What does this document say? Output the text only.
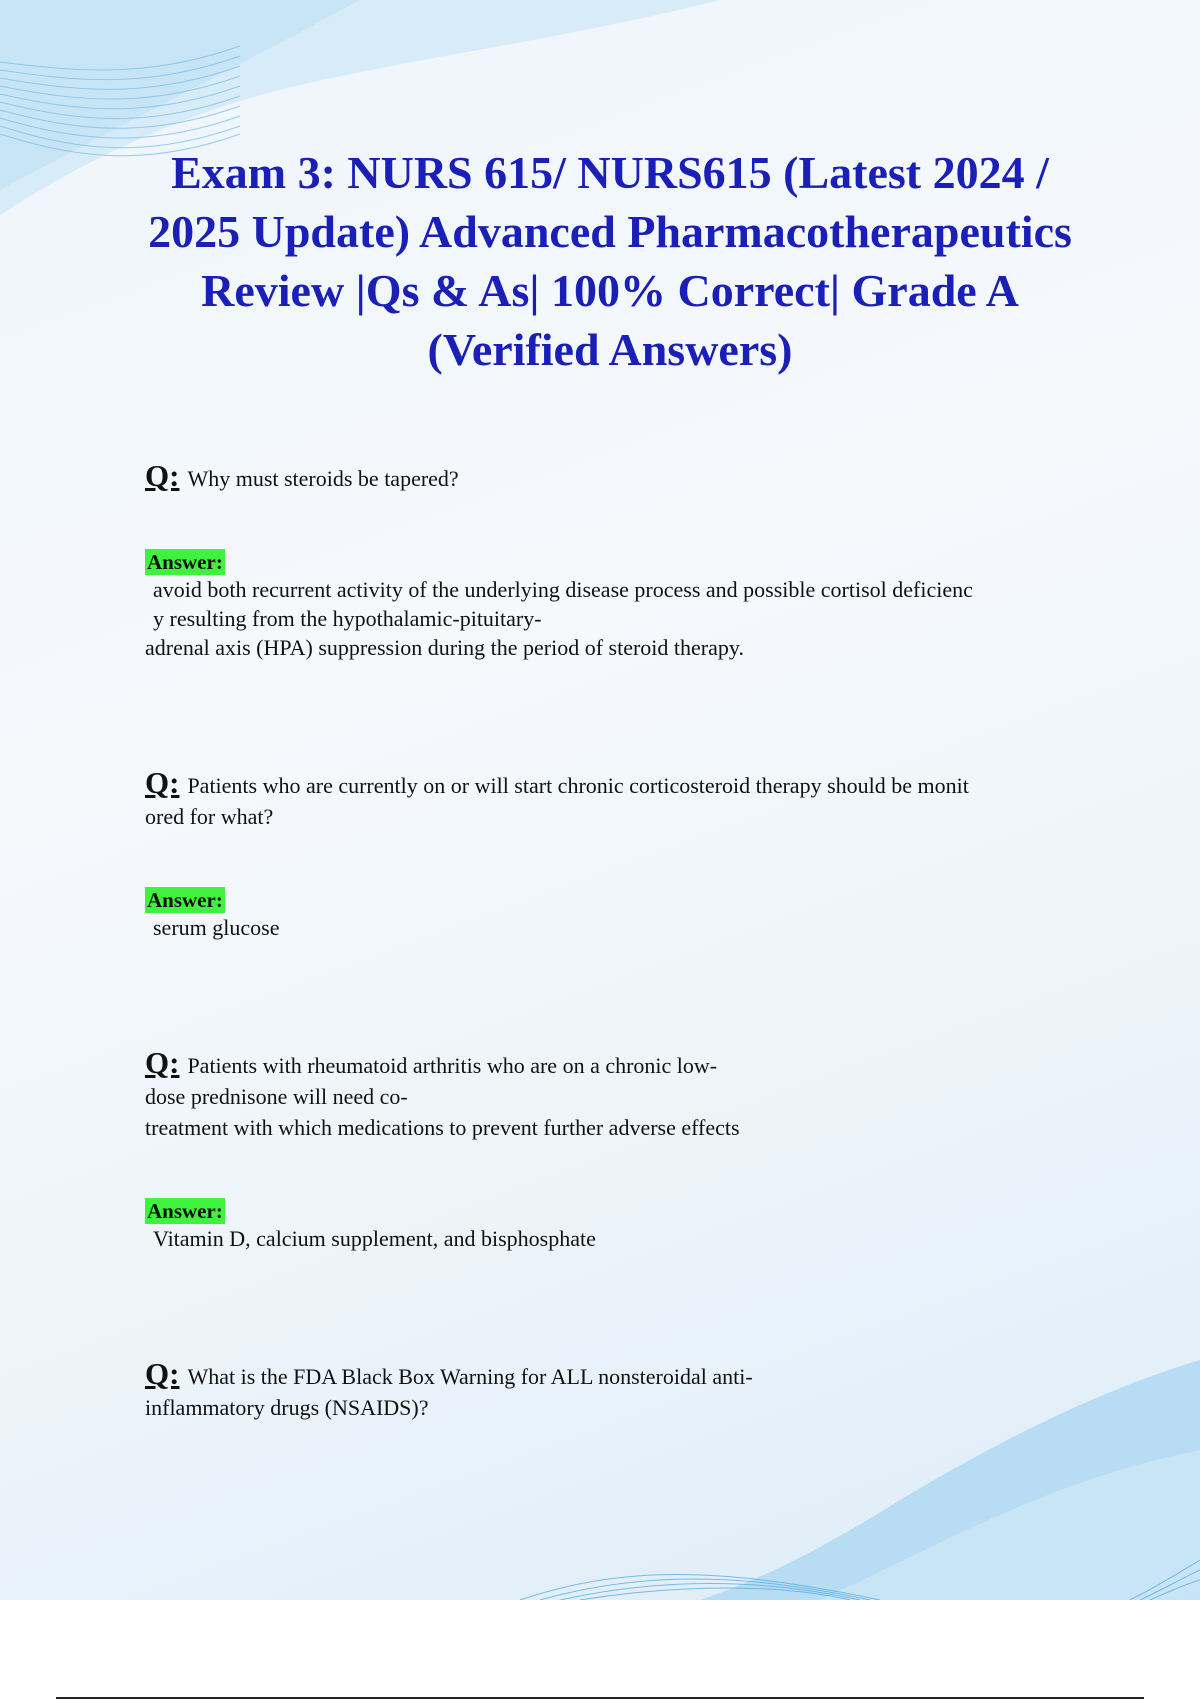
Exam 3: NURS 615/ NURS615 (Latest 2024 / 2025 Update) Advanced Pharmacotherapeutics Review |Qs & As| 100% Correct| Grade A (Verified Answers)
Q: Why must steroids be tapered?
Answer:
avoid both recurrent activity of the underlying disease process and possible cortisol deficienc
y resulting from the hypothalamic-pituitary-
adrenal axis (HPA) suppression during the period of steroid therapy.
Q: Patients who are currently on or will start chronic corticosteroid therapy should be monit
ored for what?
Answer:
serum glucose
Q: Patients with rheumatoid arthritis who are on a chronic low-
dose prednisone will need co-
treatment with which medications to prevent further adverse effects
Answer:
Vitamin D, calcium supplement, and bisphosphate
Q: What is the FDA Black Box Warning for ALL nonsteroidal anti-
inflammatory drugs (NSAIDS)?
